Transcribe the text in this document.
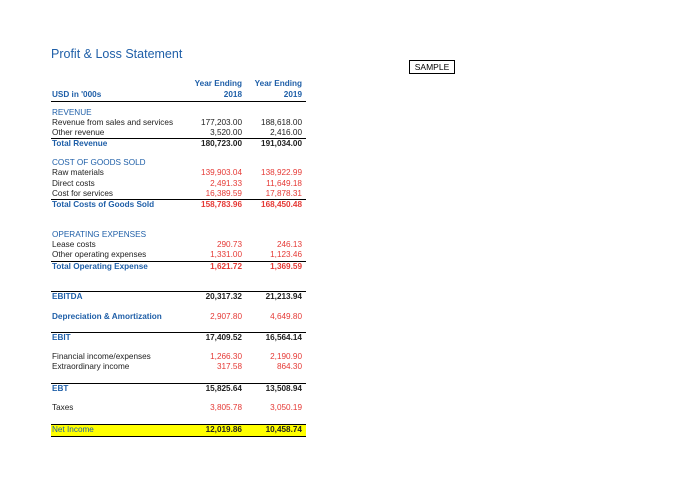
Profit & Loss Statement
SAMPLE
Year Ending Year Ending
USD in '000s	2018	2019
REVENUE
Revenue from sales and services	177,203.00 188,618.00
Other revenue	3,520.00	2,416.00
Total Revenue	180,723.00 191,034.00
COST OF GOODS SOLD
Raw materials	139,903.04 138,922.99
Direct costs	2,491.33	11,649.18
Cost for services	16,389.59	17,878.31
Total Costs of Goods Sold	158,783.96 168,450.48
OPERATING EXPENSES
Lease costs	290.73	246.13
Other operating expenses	1,331.00	1,123.46
Total Operating Expense	1,621.72	1,369.59
EBITDA	20,317.32	21,213.94
Depreciation & Amortization	2,907.80	4,649.80
EBIT	17,409.52	16,564.14
Financial income/expenses	1,266.30	2,190.90
Extraordinary income	317.58	864.30
EBT	15,825.64	13,508.94
Taxes	3,805.78	3,050.19
Net Income	12,019.86	10,458.74
